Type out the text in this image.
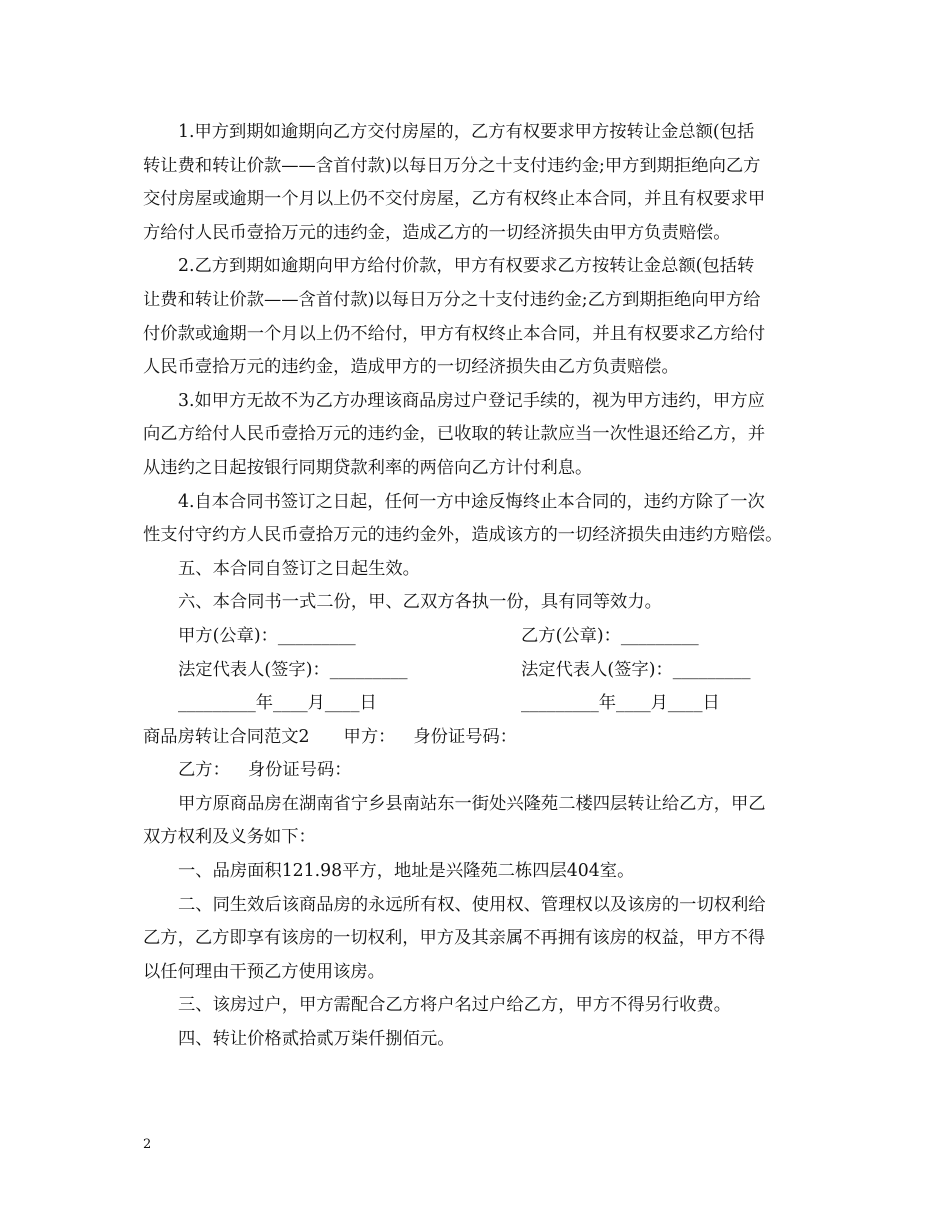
1.甲方到期如逾期向乙方交付房屋的，乙方有权要求甲方按转让金总额(包括
转让费和转让价款——含首付款)以每日万分之十支付违约金;甲方到期拒绝向乙方
交付房屋或逾期一个月以上仍不交付房屋，乙方有权终止本合同，并且有权要求甲
方给付人民币壹拾万元的违约金，造成乙方的一切经济损失由甲方负责赔偿。
2.乙方到期如逾期向甲方给付价款，甲方有权要求乙方按转让金总额(包括转
让费和转让价款——含首付款)以每日万分之十支付违约金;乙方到期拒绝向甲方给
付价款或逾期一个月以上仍不给付，甲方有权终止本合同，并且有权要求乙方给付
人民币壹拾万元的违约金，造成甲方的一切经济损失由乙方负责赔偿。
3.如甲方无故不为乙方办理该商品房过户登记手续的，视为甲方违约，甲方应
向乙方给付人民币壹拾万元的违约金，已收取的转让款应当一次性退还给乙方，并
从违约之日起按银行同期贷款利率的两倍向乙方计付利息。
4.自本合同书签订之日起，任何一方中途反悔终止本合同的，违约方除了一次
性支付守约方人民币壹拾万元的违约金外，造成该方的一切经济损失由违约方赔偿。
五、本合同自签订之日起生效。
六、本合同书一式二份，甲、乙双方各执一份，具有同等效力。
甲方(公章)：_________	乙方(公章)：_________
法定代表人(签字)：_________	法定代表人(签字)：_________
_________年____月____日	_________年____月____日
商品房转让合同范文2 甲方： 身份证号码：
乙方： 身份证号码：
甲方原商品房在湖南省宁乡县南站东一街处兴隆苑二楼四层转让给乙方，甲乙
双方权利及义务如下：
一、品房面积121.98平方，地址是兴隆苑二栋四层404室。
二、同生效后该商品房的永远所有权、使用权、管理权以及该房的一切权利给
乙方，乙方即享有该房的一切权利，甲方及其亲属不再拥有该房的权益，甲方不得
以任何理由干预乙方使用该房。
三、该房过户，甲方需配合乙方将户名过户给乙方，甲方不得另行收费。
四、转让价格贰拾贰万柒仟捌佰元。
2
